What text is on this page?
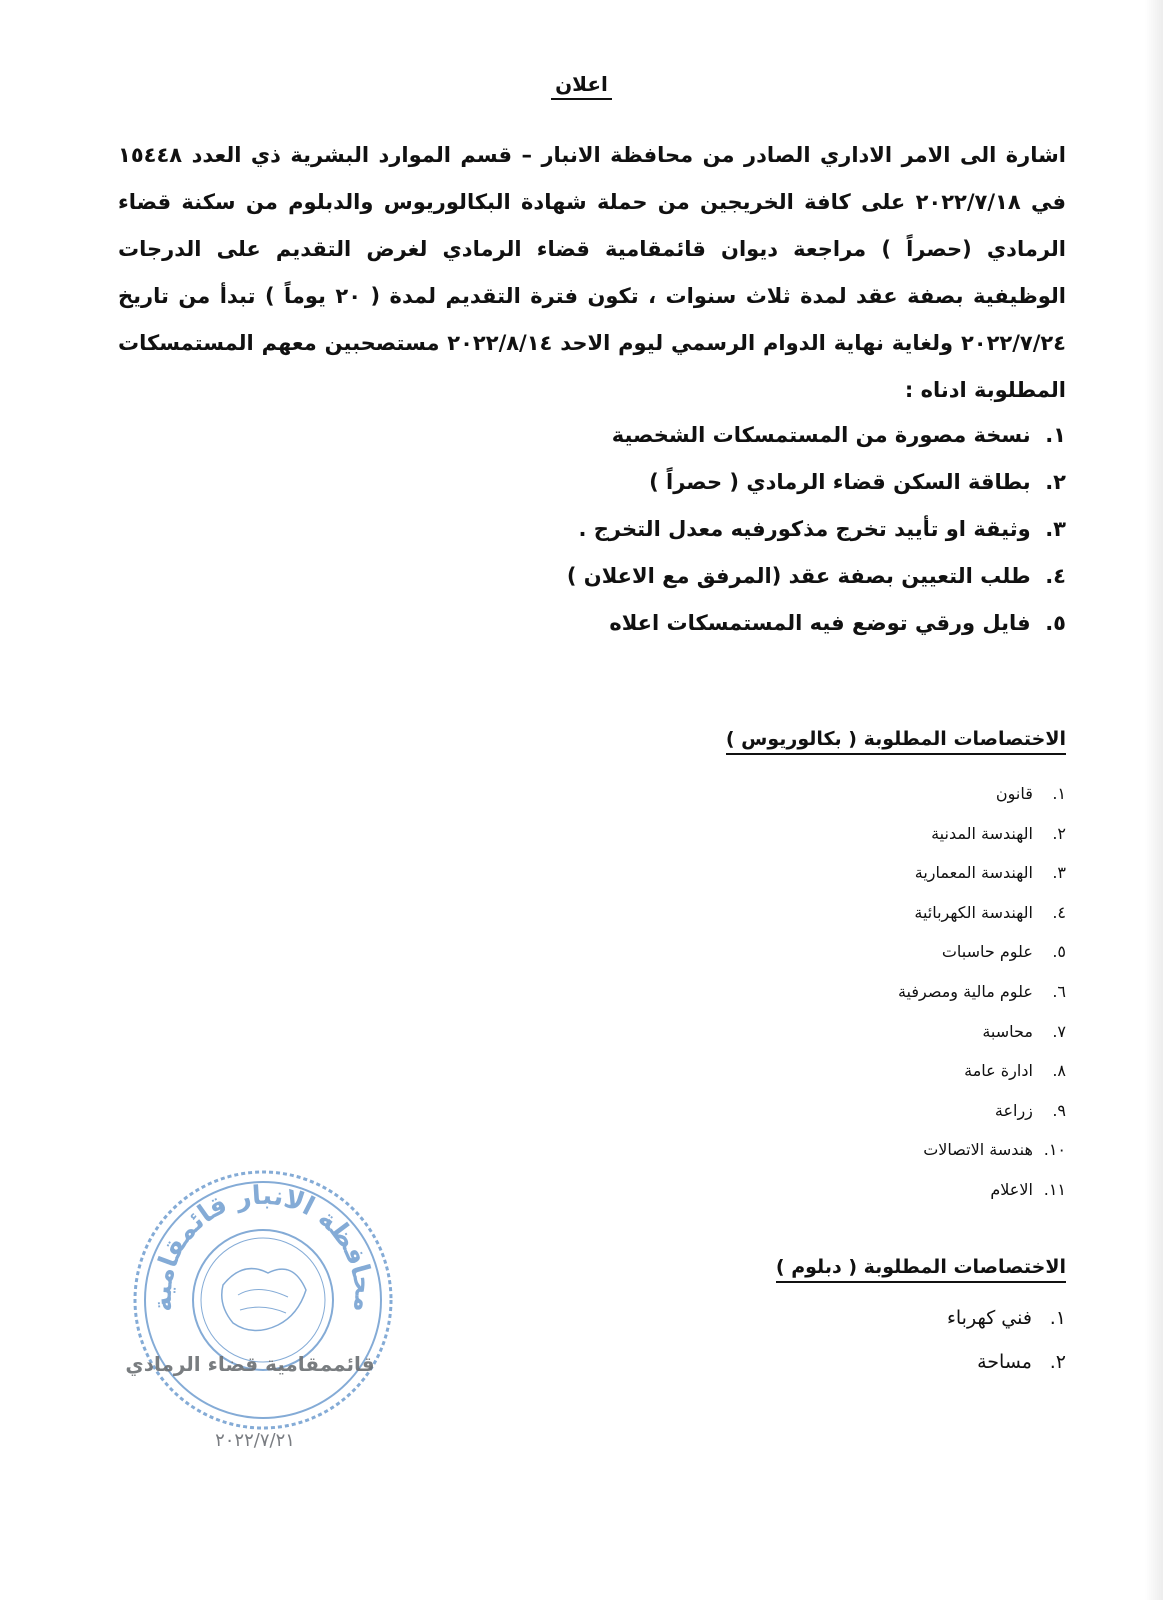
اعلان
اشارة الى الامر الاداري الصادر من محافظة الانبار – قسم الموارد البشرية ذي العدد ١٥٤٤٨ في ٢٠٢٢/٧/١٨ على كافة الخريجين من حملة شهادة البكالوريوس والدبلوم من سكنة قضاء الرمادي (حصراً ) مراجعة ديوان قائمقامية قضاء الرمادي لغرض التقديم على الدرجات الوظيفية بصفة عقد لمدة ثلاث سنوات ، تكون فترة التقديم لمدة ( ٢٠ يوماً ) تبدأ من تاريخ ٢٠٢٢/٧/٢٤ ولغاية نهاية الدوام الرسمي ليوم الاحد ٢٠٢٢/٨/١٤ مستصحبين معهم المستمسكات المطلوبة ادناه :
١. نسخة مصورة من المستمسكات الشخصية
٢. بطاقة السكن قضاء الرمادي ( حصراً )
٣. وثيقة او تأييد تخرج مذكورفيه معدل التخرج .
٤. طلب التعيين بصفة عقد (المرفق مع الاعلان )
٥. فايل ورقي توضع فيه المستمسكات اعلاه
الاختصاصات المطلوبة ( بكالوريوس )
١. قانون
٢. الهندسة المدنية
٣. الهندسة المعمارية
٤. الهندسة الكهربائية
٥. علوم حاسبات
٦. علوم مالية ومصرفية
٧. محاسبة
٨. ادارة عامة
٩. زراعة
١٠. هندسة الاتصالات
١١. الاعلام
الاختصاصات المطلوبة ( دبلوم )
١. فني كهرباء
٢. مساحة
محافظة الانبار قائمقامية
قائممقامية قضاء الرمادي
٢٠٢٢/٧/٢١
